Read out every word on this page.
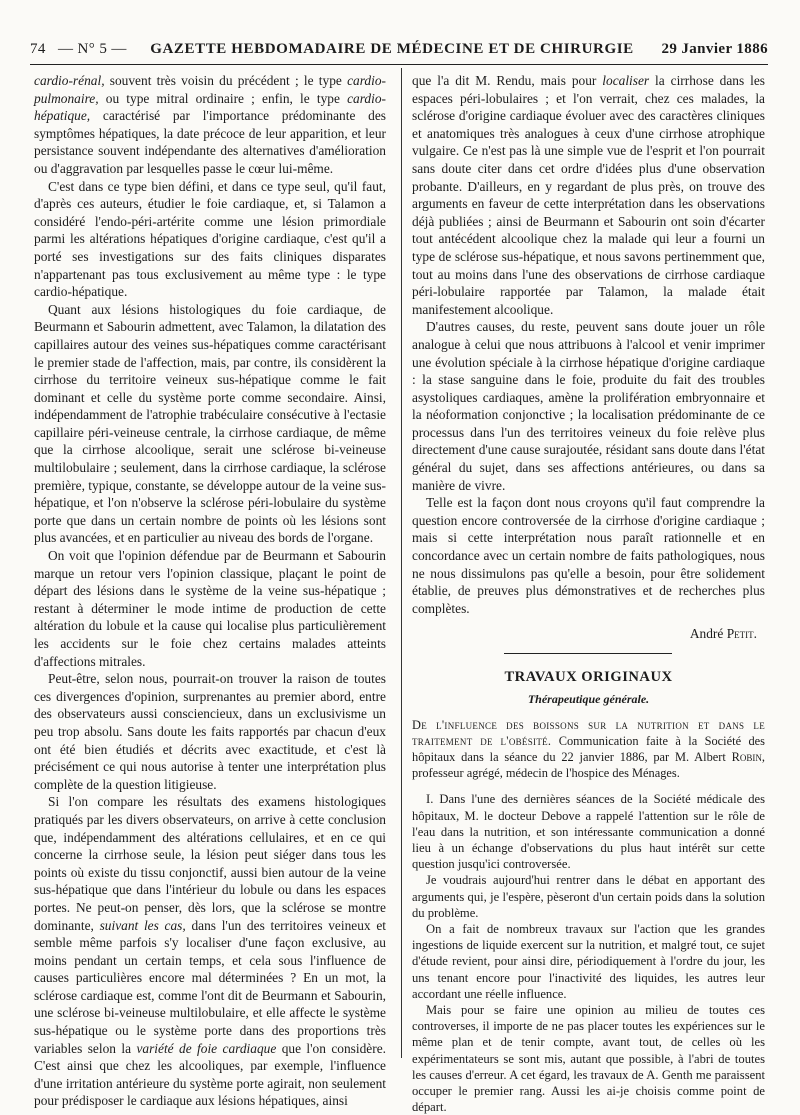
74 — N° 5 —	GAZETTE HEBDOMADAIRE DE MÉDECINE ET DE CHIRURGIE	29 Janvier 1886

cardio-rénal, souvent très voisin du précédent ; le type cardio-pulmonaire, ou type mitral ordinaire ; enfin, le type cardio-hépatique, caractérisé par l'importance prédominante des symptômes hépatiques, la date précoce de leur apparition, et leur persistance souvent indépendante des alternatives d'amélioration ou d'aggravation par lesquelles passe le cœur lui-même.

C'est dans ce type bien défini, et dans ce type seul, qu'il faut, d'après ces auteurs, étudier le foie cardiaque, et, si Talamon a considéré l'endo-péri-artérite comme une lésion primordiale parmi les altérations hépatiques d'origine cardiaque, c'est qu'il a porté ses investigations sur des faits cliniques disparates n'appartenant pas tous exclusivement au même type : le type cardio-hépatique.

Quant aux lésions histologiques du foie cardiaque, de Beurmann et Sabourin admettent, avec Talamon, la dilatation des capillaires autour des veines sus-hépatiques comme caractérisant le premier stade de l'affection, mais, par contre, ils considèrent la cirrhose du territoire veineux sus-hépatique comme le fait dominant et celle du système porte comme secondaire. Ainsi, indépendamment de l'atrophie trabéculaire consécutive à l'ectasie capillaire péri-veineuse centrale, la cirrhose cardiaque, de même que la cirrhose alcoolique, serait une sclérose bi-veineuse multilobulaire ; seulement, dans la cirrhose cardiaque, la sclérose première, typique, constante, se développe autour de la veine sus-hépatique, et l'on n'observe la sclérose péri-lobulaire du système porte que dans un certain nombre de points où les lésions sont plus avancées, et en particulier au niveau des bords de l'organe.

On voit que l'opinion défendue par de Beurmann et Sabourin marque un retour vers l'opinion classique, plaçant le point de départ des lésions dans le système de la veine sus-hépatique ; restant à déterminer le mode intime de production de cette altération du lobule et la cause qui localise plus particulièrement les accidents sur le foie chez certains malades atteints d'affections mitrales.

Peut-être, selon nous, pourrait-on trouver la raison de toutes ces divergences d'opinion, surprenantes au premier abord, entre des observateurs aussi consciencieux, dans un exclusivisme un peu trop absolu. Sans doute les faits rapportés par chacun d'eux ont été bien étudiés et décrits avec exactitude, et c'est là précisément ce qui nous autorise à tenter une interprétation plus complète de la question litigieuse.

Si l'on compare les résultats des examens histologiques pratiqués par les divers observateurs, on arrive à cette conclusion que, indépendamment des altérations cellulaires, et en ce qui concerne la cirrhose seule, la lésion peut siéger dans tous les points où existe du tissu conjonctif, aussi bien autour de la veine sus-hépatique que dans l'intérieur du lobule ou dans les espaces portes. Ne peut-on penser, dès lors, que la sclérose se montre dominante, suivant les cas, dans l'un des territoires veineux et semble même parfois s'y localiser d'une façon exclusive, au moins pendant un certain temps, et cela sous l'influence de causes particulières encore mal déterminées ? En un mot, la sclérose cardiaque est, comme l'ont dit de Beurmann et Sabourin, une sclérose bi-veineuse multilobulaire, et elle affecte le système sus-hépatique ou le système porte dans des proportions très variables selon la variété de foie cardiaque que l'on considère. C'est ainsi que chez les alcooliques, par exemple, l'influence d'une irritation antérieure du système porte agirait, non seulement pour prédisposer le cardiaque aux lésions hépatiques, ainsi

que l'a dit M. Rendu, mais pour localiser la cirrhose dans les espaces péri-lobulaires ; et l'on verrait, chez ces malades, la sclérose d'origine cardiaque évoluer avec des caractères cliniques et anatomiques très analogues à ceux d'une cirrhose atrophique vulgaire. Ce n'est pas là une simple vue de l'esprit et l'on pourrait sans doute citer dans cet ordre d'idées plus d'une observation probante. D'ailleurs, en y regardant de plus près, on trouve des arguments en faveur de cette interprétation dans les observations déjà publiées ; ainsi de Beurmann et Sabourin ont soin d'écarter tout antécédent alcoolique chez la malade qui leur a fourni un type de sclérose sus-hépatique, et nous savons pertinemment que, tout au moins dans l'une des observations de cirrhose cardiaque péri-lobulaire rapportée par Talamon, la malade était manifestement alcoolique.

D'autres causes, du reste, peuvent sans doute jouer un rôle analogue à celui que nous attribuons à l'alcool et venir imprimer une évolution spéciale à la cirrhose hépatique d'origine cardiaque : la stase sanguine dans le foie, produite du fait des troubles asystoliques cardiaques, amène la prolifération embryonnaire et la néoformation conjonctive ; la localisation prédominante de ce processus dans l'un des territoires veineux du foie relève plus directement d'une cause surajoutée, résidant sans doute dans l'état général du sujet, dans ses affections antérieures, ou dans sa manière de vivre.

Telle est la façon dont nous croyons qu'il faut comprendre la question encore controversée de la cirrhose d'origine cardiaque ; mais si cette interprétation nous paraît rationnelle et en concordance avec un certain nombre de faits pathologiques, nous ne nous dissimulons pas qu'elle a besoin, pour être solidement établie, de preuves plus démonstratives et de recherches plus complètes.

André Petit.
TRAVAUX ORIGINAUX
Thérapeutique générale.
De l'influence des boissons sur la nutrition et dans le traitement de l'obésité. Communication faite à la Société des hôpitaux dans la séance du 22 janvier 1886, par M. Albert Robin, professeur agrégé, médecin de l'hospice des Ménages.

I. Dans l'une des dernières séances de la Société médicale des hôpitaux, M. le docteur Debove a rappelé l'attention sur le rôle de l'eau dans la nutrition, et son intéressante communication a donné lieu à un échange d'observations du plus haut intérêt sur cette question jusqu'ici controversée.

Je voudrais aujourd'hui rentrer dans le débat en apportant des arguments qui, je l'espère, pèseront d'un certain poids dans la solution du problème.

On a fait de nombreux travaux sur l'action que les grandes ingestions de liquide exercent sur la nutrition, et malgré tout, ce sujet d'étude revient, pour ainsi dire, périodiquement à l'ordre du jour, les uns tenant encore pour l'inactivité des liquides, les autres leur accordant une réelle influence.

Mais pour se faire une opinion au milieu de toutes ces controverses, il importe de ne pas placer toutes les expériences sur le même plan et de tenir compte, avant tout, de celles où les expérimentateurs se sont mis, autant que possible, à l'abri de toutes les causes d'erreur. A cet égard, les travaux de A. Genth me paraissent occuper le premier rang. Aussi les ai-je choisis comme point de départ.
